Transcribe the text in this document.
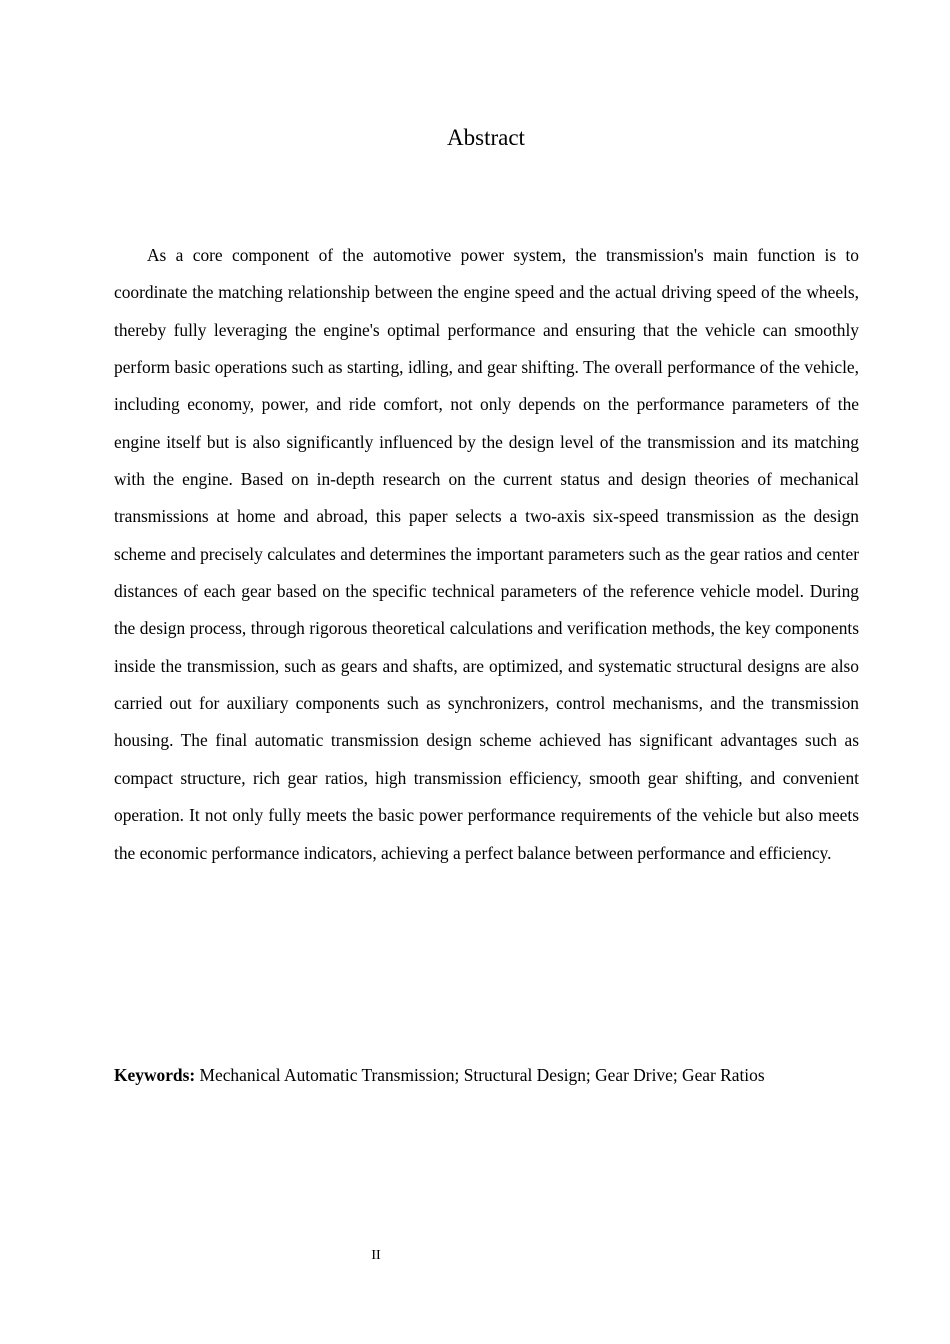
Abstract

As a core component of the automotive power system, the transmission's main function is to coordinate the matching relationship between the engine speed and the actual driving speed of the wheels, thereby fully leveraging the engine's optimal performance and ensuring that the vehicle can smoothly perform basic operations such as starting, idling, and gear shifting. The overall performance of the vehicle, including economy, power, and ride comfort, not only depends on the performance parameters of the engine itself but is also significantly influenced by the design level of the transmission and its matching with the engine. Based on in-depth research on the current status and design theories of mechanical transmissions at home and abroad, this paper selects a two-axis six-speed transmission as the design scheme and precisely calculates and determines the important parameters such as the gear ratios and center distances of each gear based on the specific technical parameters of the reference vehicle model. During the design process, through rigorous theoretical calculations and verification methods, the key components inside the transmission, such as gears and shafts, are optimized, and systematic structural designs are also carried out for auxiliary components such as synchronizers, control mechanisms, and the transmission housing. The final automatic transmission design scheme achieved has significant advantages such as compact structure, rich gear ratios, high transmission efficiency, smooth gear shifting, and convenient operation. It not only fully meets the basic power performance requirements of the vehicle but also meets the economic performance indicators, achieving a perfect balance between performance and efficiency.

Keywords: Mechanical Automatic Transmission; Structural Design; Gear Drive; Gear Ratios

II
